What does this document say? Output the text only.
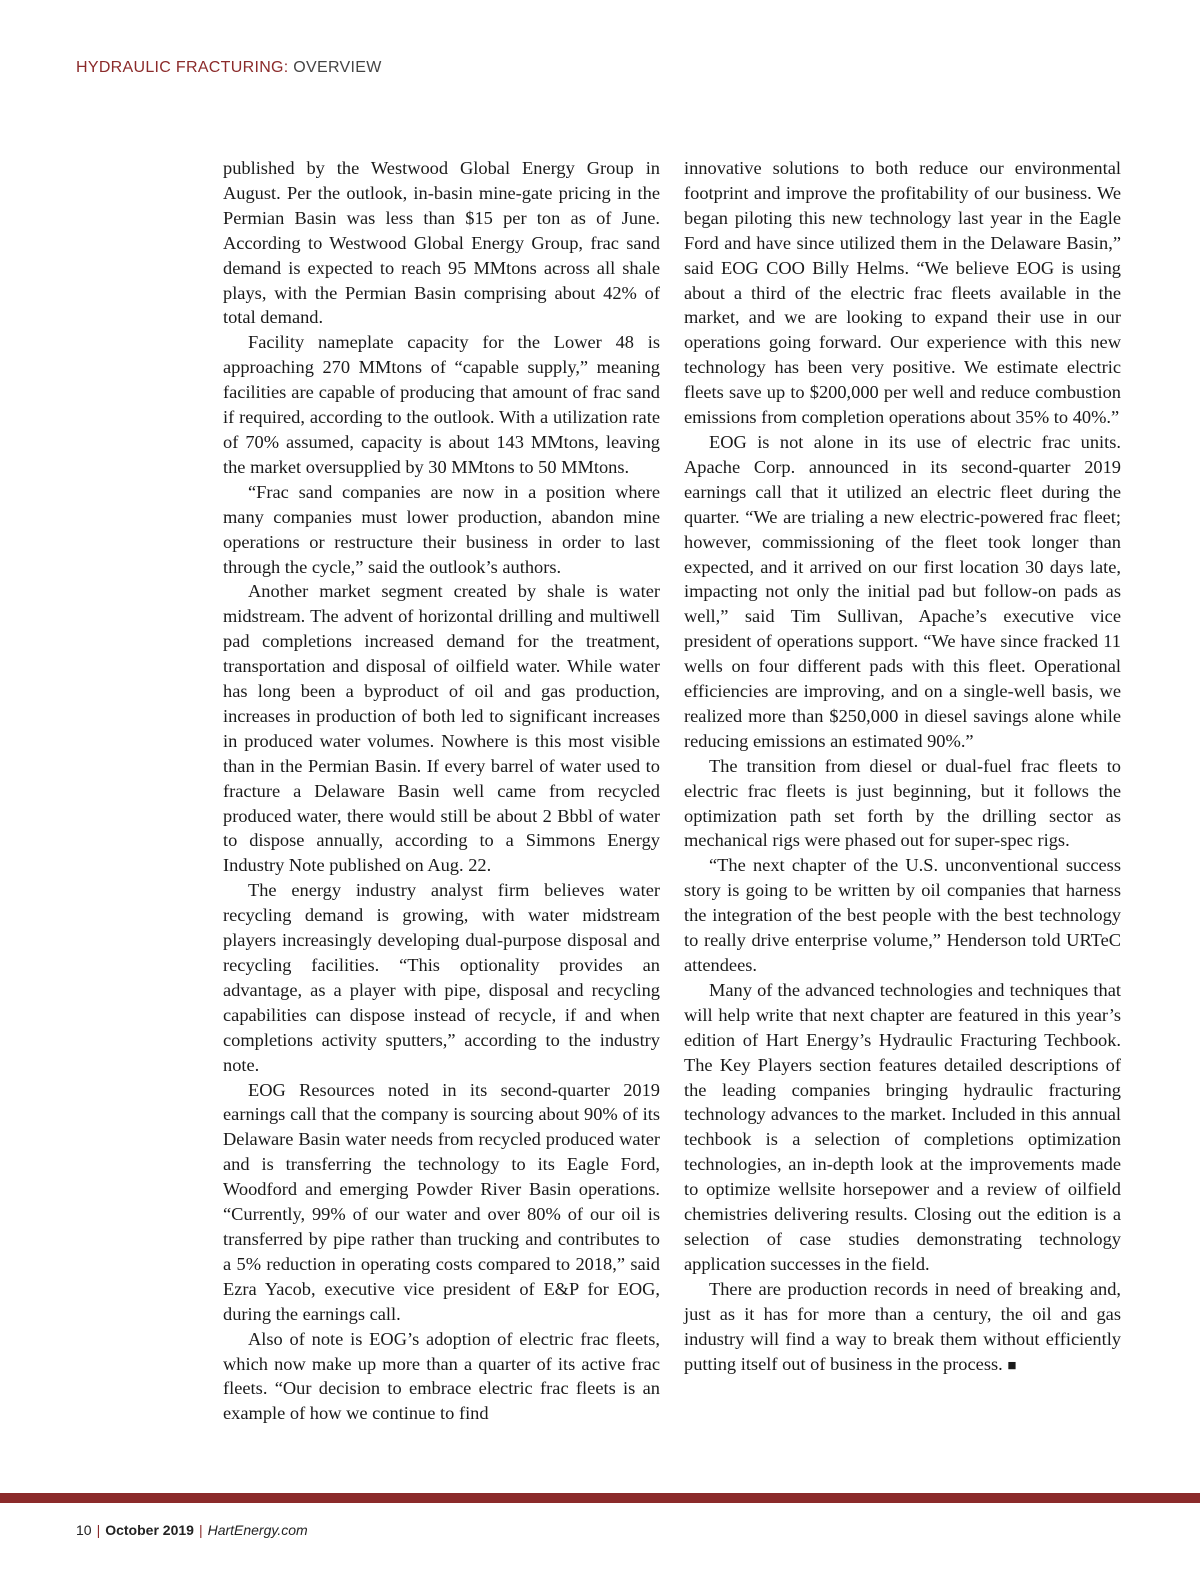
HYDRAULIC FRACTURING: OVERVIEW

published by the Westwood Global Energy Group in August. Per the outlook, in-basin mine-gate pricing in the Permian Basin was less than $15 per ton as of June. According to Westwood Global Energy Group, frac sand demand is expected to reach 95 MMtons across all shale plays, with the Permian Basin comprising about 42% of total demand.

Facility nameplate capacity for the Lower 48 is approaching 270 MMtons of “capable supply,” meaning facilities are capable of producing that amount of frac sand if required, according to the outlook. With a utilization rate of 70% assumed, capacity is about 143 MMtons, leaving the market oversupplied by 30 MMtons to 50 MMtons.

“Frac sand companies are now in a position where many companies must lower production, abandon mine operations or restructure their business in order to last through the cycle,” said the outlook’s authors.

Another market segment created by shale is water midstream. The advent of horizontal drilling and multiwell pad completions increased demand for the treatment, transportation and disposal of oilfield water. While water has long been a byproduct of oil and gas production, increases in production of both led to significant increases in produced water volumes. Nowhere is this most visible than in the Permian Basin. If every barrel of water used to fracture a Delaware Basin well came from recycled produced water, there would still be about 2 Bbbl of water to dispose annually, according to a Simmons Energy Industry Note published on Aug. 22.

The energy industry analyst firm believes water recycling demand is growing, with water midstream players increasingly developing dual-purpose disposal and recycling facilities. “This optionality provides an advantage, as a player with pipe, disposal and recycling capabilities can dispose instead of recycle, if and when completions activity sputters,” according to the industry note.

EOG Resources noted in its second-quarter 2019 earnings call that the company is sourcing about 90% of its Delaware Basin water needs from recycled produced water and is transferring the technology to its Eagle Ford, Woodford and emerging Powder River Basin operations. “Currently, 99% of our water and over 80% of our oil is transferred by pipe rather than trucking and contributes to a 5% reduction in operating costs compared to 2018,” said Ezra Yacob, executive vice president of E&P for EOG, during the earnings call.

Also of note is EOG’s adoption of electric frac fleets, which now make up more than a quarter of its active frac fleets. “Our decision to embrace electric frac fleets is an example of how we continue to find

innovative solutions to both reduce our environmental footprint and improve the profitability of our business. We began piloting this new technology last year in the Eagle Ford and have since utilized them in the Delaware Basin,” said EOG COO Billy Helms. “We believe EOG is using about a third of the electric frac fleets available in the market, and we are looking to expand their use in our operations going forward. Our experience with this new technology has been very positive. We estimate electric fleets save up to $200,000 per well and reduce combustion emissions from completion operations about 35% to 40%.”

EOG is not alone in its use of electric frac units. Apache Corp. announced in its second-quarter 2019 earnings call that it utilized an electric fleet during the quarter. “We are trialing a new electric-powered frac fleet; however, commissioning of the fleet took longer than expected, and it arrived on our first location 30 days late, impacting not only the initial pad but follow-on pads as well,” said Tim Sullivan, Apache’s executive vice president of operations support. “We have since fracked 11 wells on four different pads with this fleet. Operational efficiencies are improving, and on a single-well basis, we realized more than $250,000 in diesel savings alone while reducing emissions an estimated 90%.”

The transition from diesel or dual-fuel frac fleets to electric frac fleets is just beginning, but it follows the optimization path set forth by the drilling sector as mechanical rigs were phased out for super-spec rigs.

“The next chapter of the U.S. unconventional success story is going to be written by oil companies that harness the integration of the best people with the best technology to really drive enterprise volume,” Henderson told URTeC attendees.

Many of the advanced technologies and techniques that will help write that next chapter are featured in this year’s edition of Hart Energy’s Hydraulic Fracturing Techbook. The Key Players section features detailed descriptions of the leading companies bringing hydraulic fracturing technology advances to the market. Included in this annual techbook is a selection of completions optimization technologies, an in-depth look at the improvements made to optimize wellsite horsepower and a review of oilfield chemistries delivering results. Closing out the edition is a selection of case studies demonstrating technology application successes in the field.

There are production records in need of breaking and, just as it has for more than a century, the oil and gas industry will find a way to break them without efficiently putting itself out of business in the process. ■

10 | October 2019 | HartEnergy.com
